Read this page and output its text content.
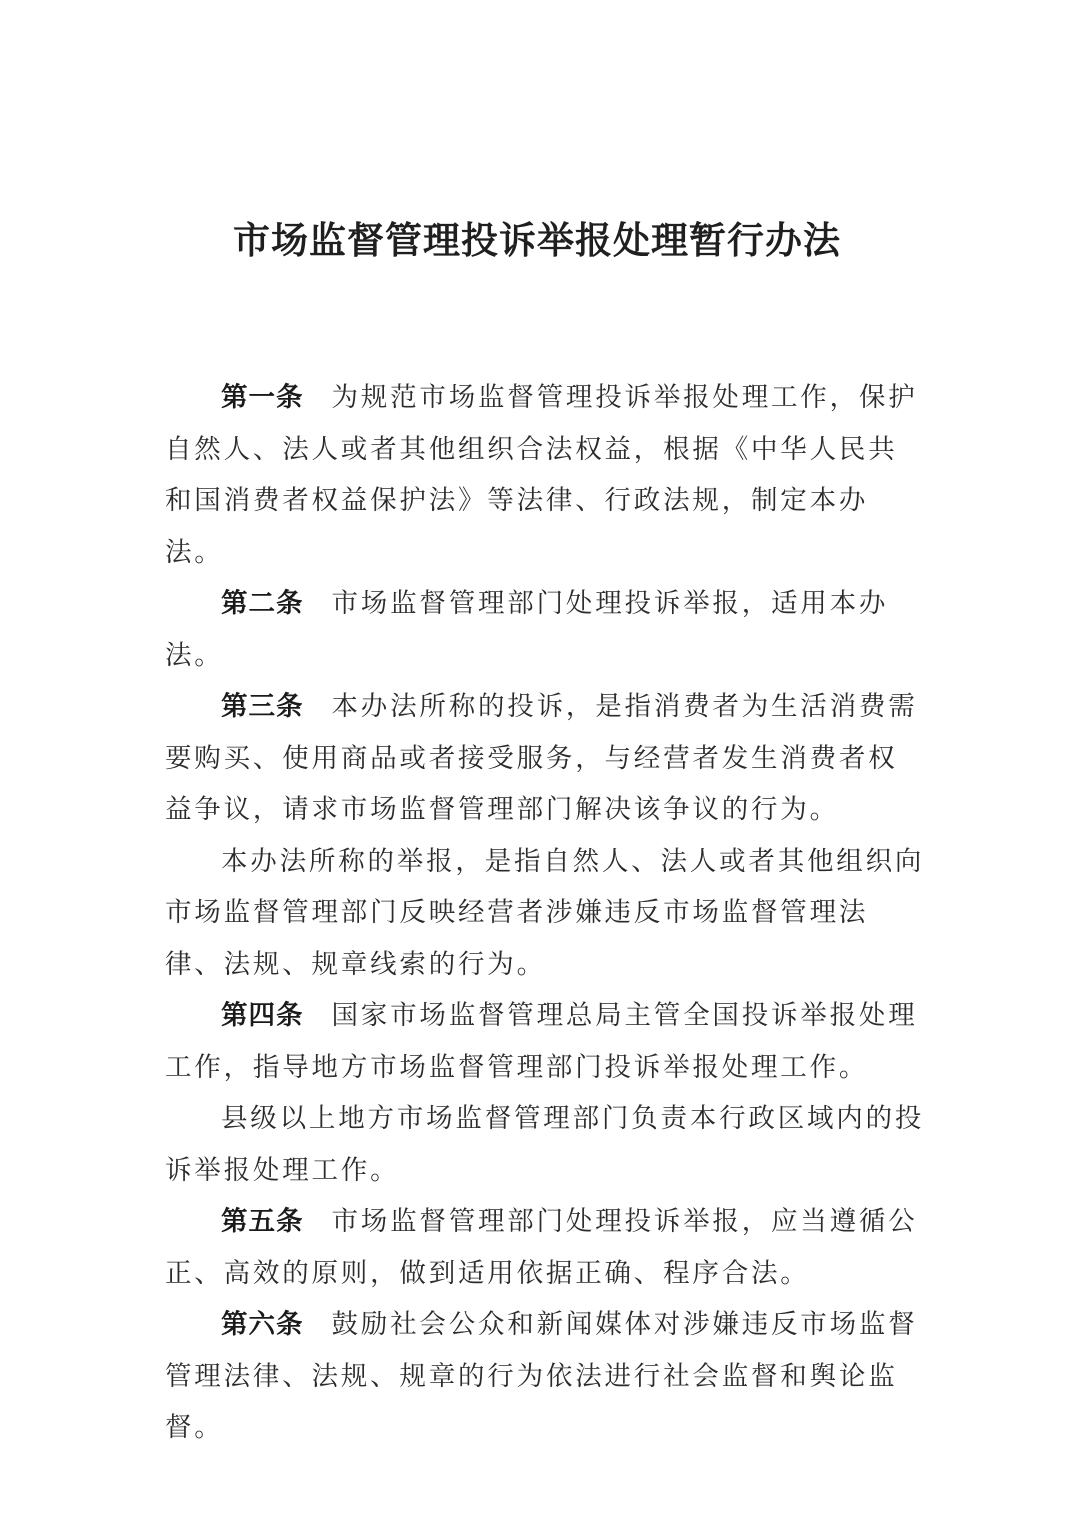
市场监督管理投诉举报处理暂行办法

第一条 为规范市场监督管理投诉举报处理工作，保护自然人、法人或者其他组织合法权益，根据《中华人民共和国消费者权益保护法》等法律、行政法规，制定本办法。

第二条 市场监督管理部门处理投诉举报，适用本办法。

第三条 本办法所称的投诉，是指消费者为生活消费需要购买、使用商品或者接受服务，与经营者发生消费者权益争议，请求市场监督管理部门解决该争议的行为。

本办法所称的举报，是指自然人、法人或者其他组织向市场监督管理部门反映经营者涉嫌违反市场监督管理法律、法规、规章线索的行为。

第四条 国家市场监督管理总局主管全国投诉举报处理工作，指导地方市场监督管理部门投诉举报处理工作。

县级以上地方市场监督管理部门负责本行政区域内的投诉举报处理工作。

第五条 市场监督管理部门处理投诉举报，应当遵循公正、高效的原则，做到适用依据正确、程序合法。

第六条 鼓励社会公众和新闻媒体对涉嫌违反市场监督管理法律、法规、规章的行为依法进行社会监督和舆论监督。
